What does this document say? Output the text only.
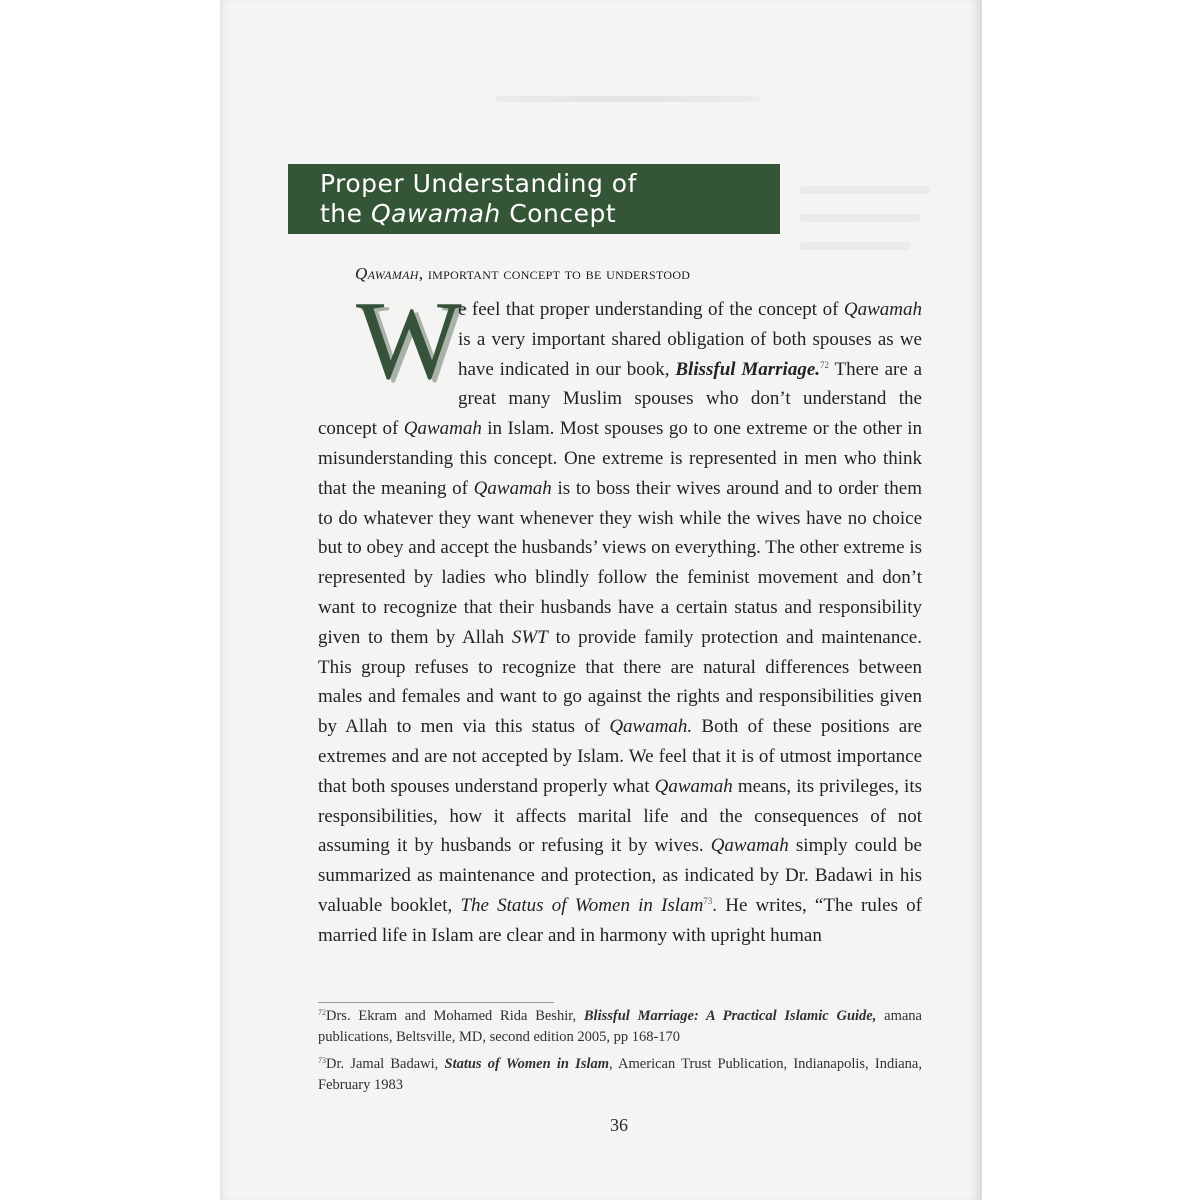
Proper Understanding of
the Qawamah Concept
Qawamah, important concept to be understood
W
e feel that proper understanding of the concept of Qawamah is a very important shared obligation of both spouses as we have indicated in our book, Blissful Marriage.$^{72}$ There are a great many Muslim spouses who don’t understand the concept of Qawamah in Islam. Most spouses go to one extreme or the other in misunderstanding this concept. One extreme is represented in men who think that the meaning of Qawamah is to boss their wives around and to order them to do whatever they want whenever they wish while the wives have no choice but to obey and accept the husbands’ views on everything. The other extreme is represented by ladies who blindly follow the feminist movement and don’t want to recognize that their husbands have a certain status and responsibility given to them by Allah SWT to provide family protection and maintenance. This group refuses to recognize that there are natural differences between males and females and want to go against the rights and responsibilities given by Allah to men via this status of Qawamah. Both of these positions are extremes and are not accepted by Islam. We feel that it is of utmost importance that both spouses understand properly what Qawamah means, its privileges, its responsibilities, how it affects marital life and the consequences of not assuming it by husbands or refusing it by wives. Qawamah simply could be summarized as maintenance and protection, as indicated by Dr. Badawi in his valuable booklet, The Status of Women in Islam$^{73}$. He writes, “The rules of married life in Islam are clear and in harmony with upright human

$^{72}$Drs. Ekram and Mohamed Rida Beshir, Blissful Marriage: A Practical Islamic Guide, amana publications, Beltsville, MD, second edition 2005, pp 168-170

$^{73}$Dr. Jamal Badawi, Status of Women in Islam, American Trust Publication, Indianapolis, Indiana, February 1983

36
